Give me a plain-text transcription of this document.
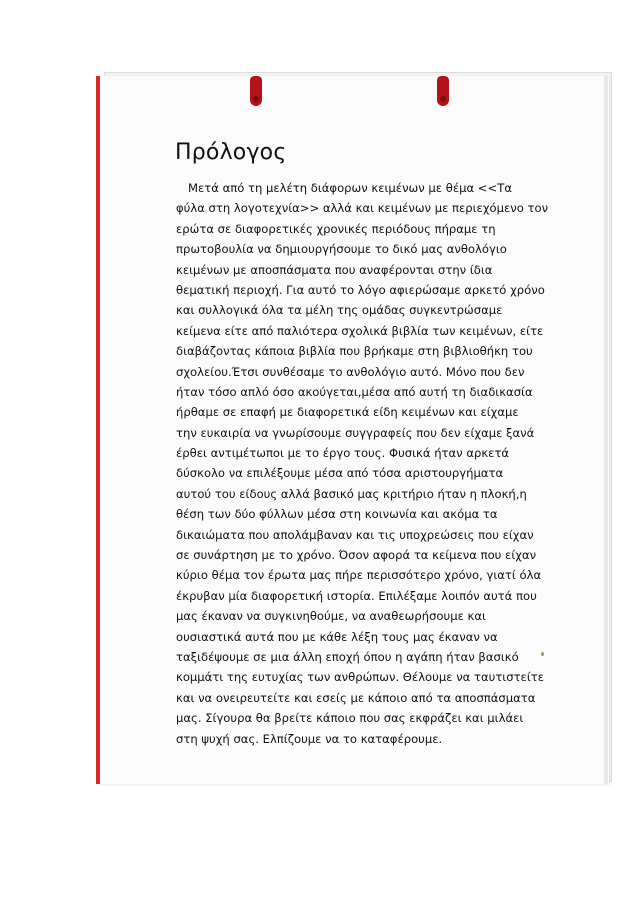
Πρόλογος
Μετά από τη μελέτη διάφορων κειμένων με θέμα <<Τα
φύλα στη λογοτεχνία>> αλλά και κειμένων με περιεχόμενο τον
ερώτα σε διαφορετικές χρονικές περιόδους πήραμε τη
πρωτοβουλία να δημιουργήσουμε το δικό μας ανθολόγιο
κειμένων με αποσπάσματα που αναφέρονται στην ίδια
θεματική περιοχή. Για αυτό το λόγο αφιερώσαμε αρκετό χρόνο
και συλλογικά όλα τα μέλη της ομάδας συγκεντρώσαμε
κείμενα είτε από παλιότερα σχολικά βιβλία των κειμένων, είτε
διαβάζοντας κάποια βιβλία που βρήκαμε στη βιβλιοθήκη του
σχολείου.Έτσι συνθέσαμε το ανθολόγιο αυτό. Μόνο που δεν
ήταν τόσο απλό όσο ακούγεται,μέσα από αυτή τη διαδικασία
ήρθαμε σε επαφή με διαφορετικά είδη κειμένων και είχαμε
την ευκαιρία να γνωρίσουμε συγγραφείς που δεν είχαμε ξανά
έρθει αντιμέτωποι με το έργο τους. Φυσικά ήταν αρκετά
δύσκολο να επιλέξουμε μέσα από τόσα αριστουργήματα
αυτού του είδους αλλά βασικό μας κριτήριο ήταν η πλοκή,η
θέση των δύο φύλλων μέσα στη κοινωνία και ακόμα τα
δικαιώματα που απολάμβαναν και τις υποχρεώσεις που είχαν
σε συνάρτηση με το χρόνο. Όσον αφορά τα κείμενα που είχαν
κύριο θέμα τον έρωτα μας πήρε περισσότερο χρόνο, γιατί όλα
έκρυβαν μία διαφορετική ιστορία. Επιλέξαμε λοιπόν αυτά που
μας έκαναν να συγκινηθούμε, να αναθεωρήσουμε και
ουσιαστικά αυτά που με κάθε λέξη τους μας έκαναν να
ταξιδέψουμε σε μια άλλη εποχή όπου η αγάπη ήταν βασικό
κομμάτι της ευτυχίας των ανθρώπων. Θέλουμε να ταυτιστείτε
και να ονειρευτείτε και εσείς με κάποιο από τα αποσπάσματα
μας. Σίγουρα θα βρείτε κάποιο που σας εκφράζει και μιλάει
στη ψυχή σας. Ελπίζουμε να το καταφέρουμε.
